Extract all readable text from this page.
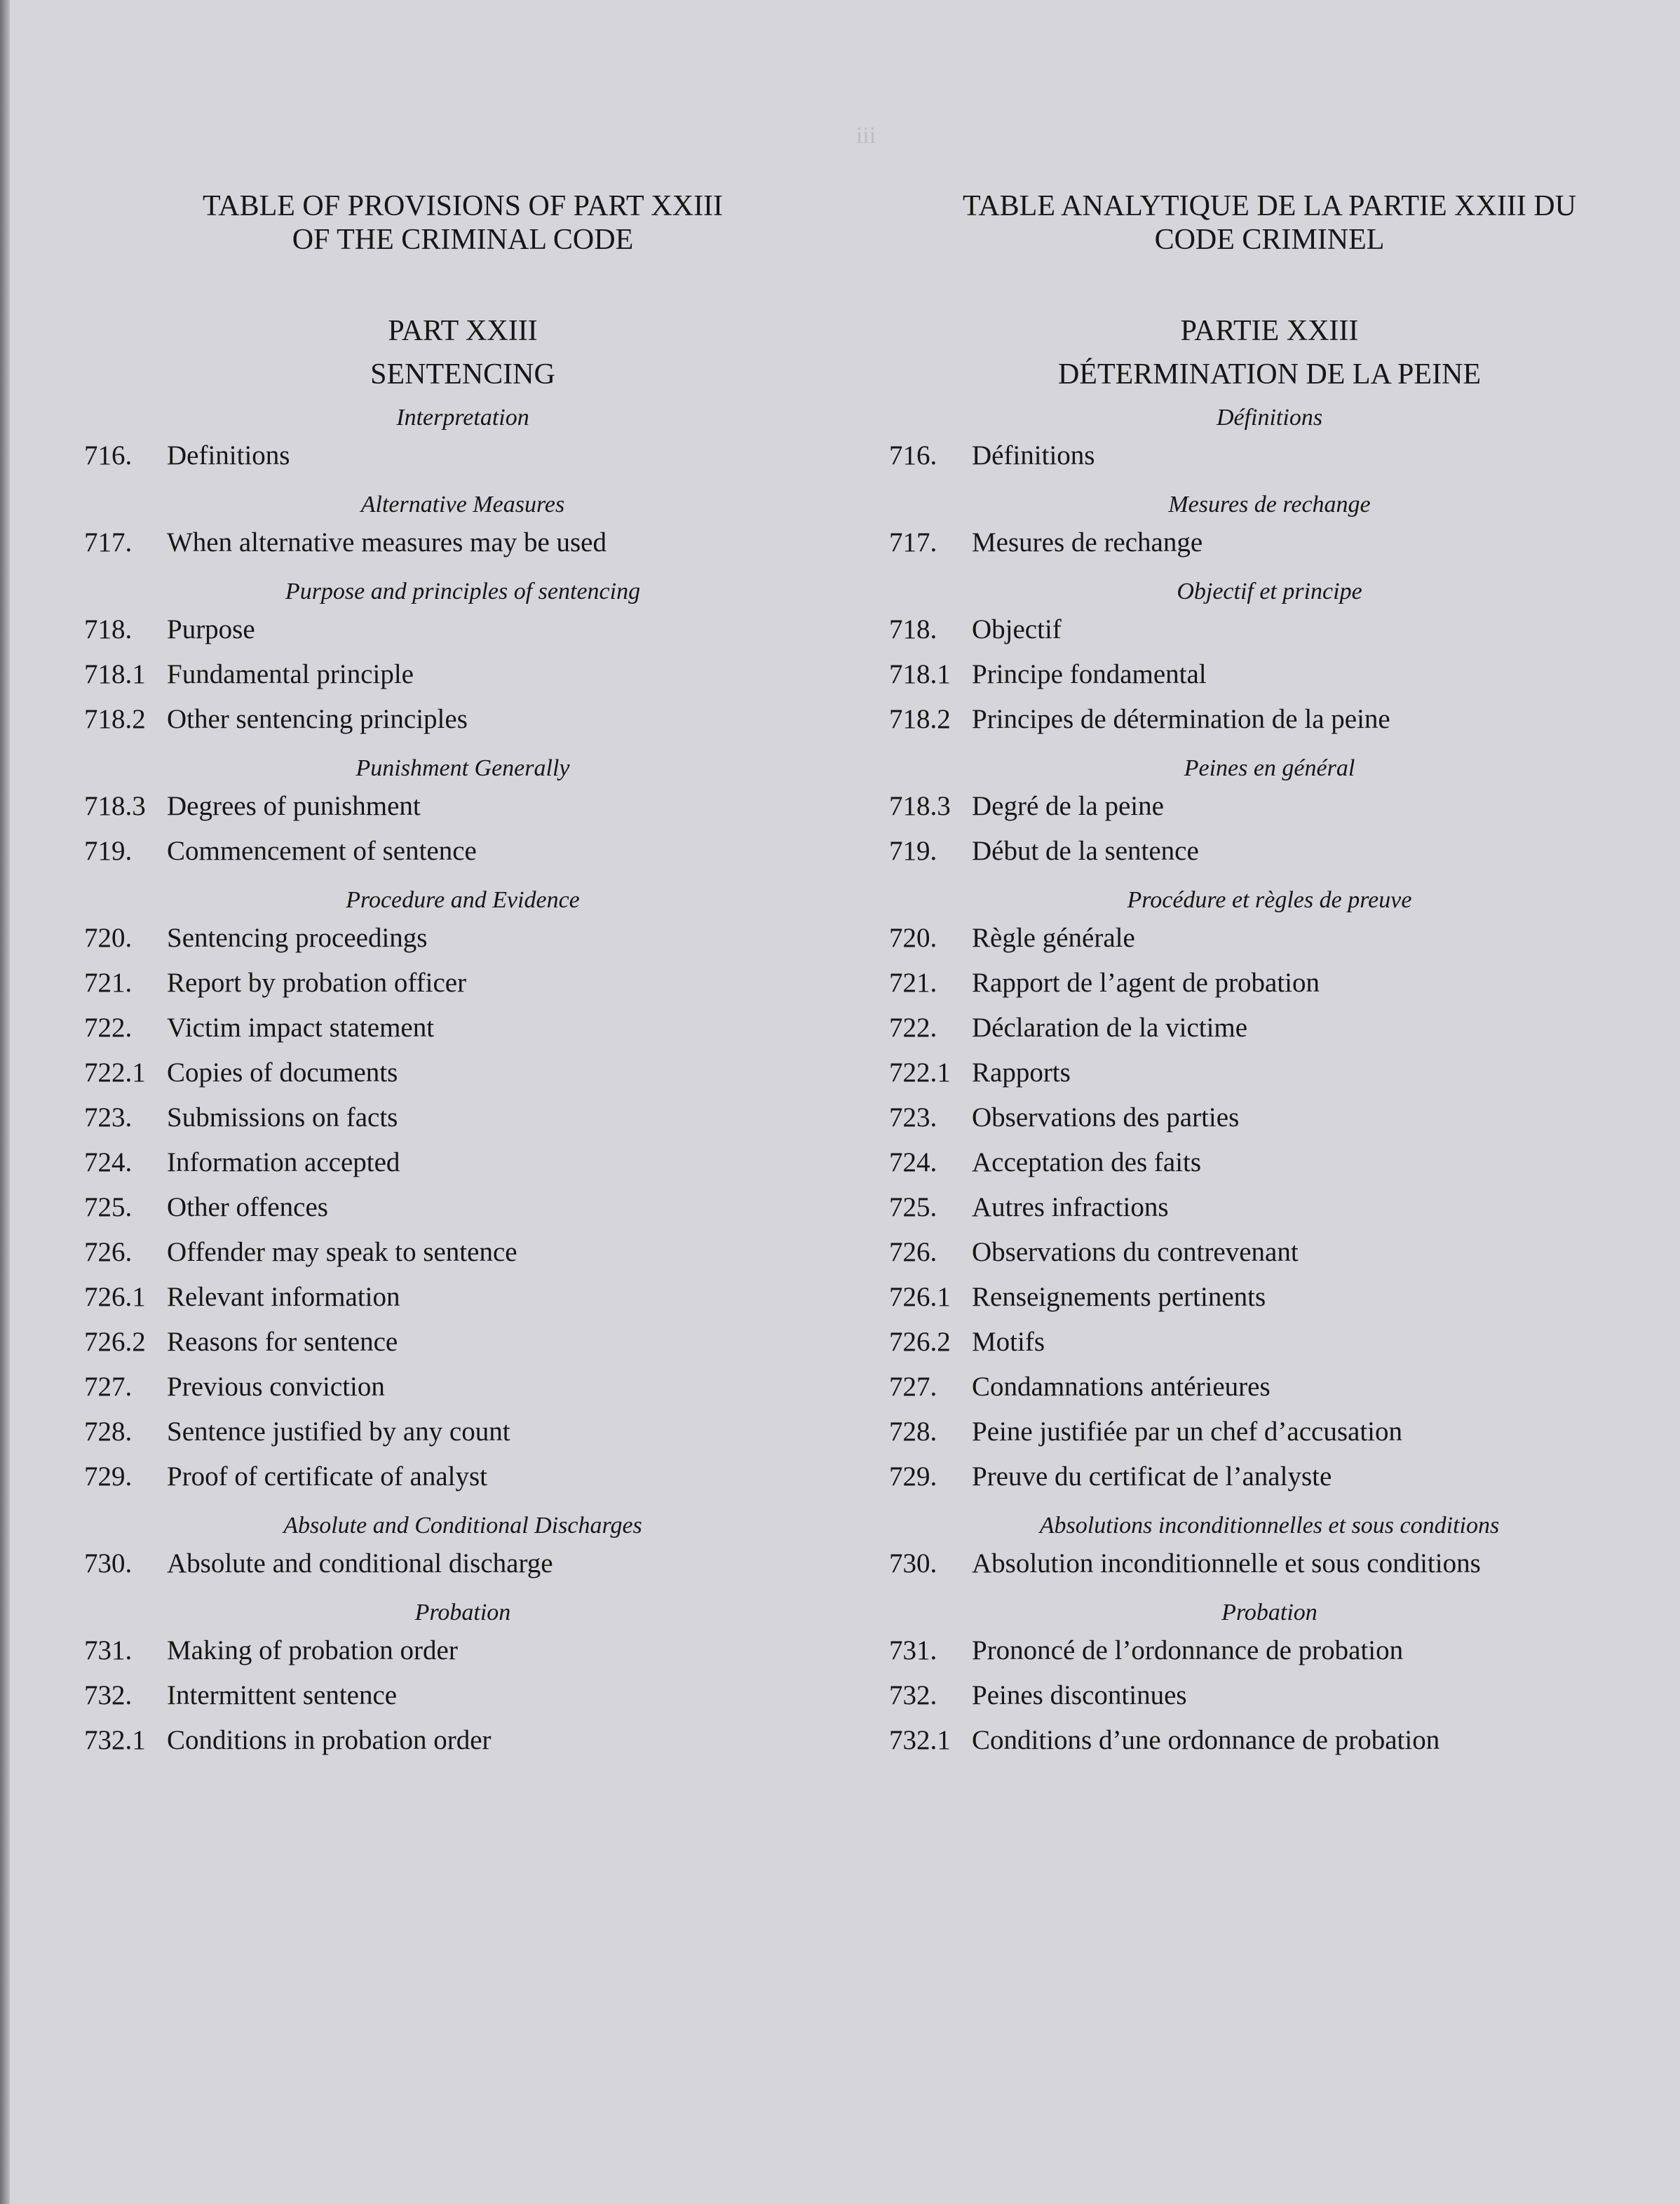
iii
TABLE OF PROVISIONS OF PART XXIII
OF THE CRIMINAL CODE
PART XXIII
SENTENCING
Interpretation
716.	Definitions
Alternative Measures
717.	When alternative measures may be used
Purpose and principles of sentencing
718.	Purpose
718.1 Fundamental principle
718.2 Other sentencing principles
Punishment Generally
718.3 Degrees of punishment
719.	Commencement of sentence
Procedure and Evidence
720.	Sentencing proceedings
721.	Report by probation officer
722.	Victim impact statement
722.1 Copies of documents
723.	Submissions on facts
724.	Information accepted
725.	Other offences
726.	Offender may speak to sentence
726.1 Relevant information
726.2 Reasons for sentence
727.	Previous conviction
728.	Sentence justified by any count
729.	Proof of certificate of analyst
Absolute and Conditional Discharges
730.	Absolute and conditional discharge
Probation
731.	Making of probation order
732.	Intermittent sentence
732.1 Conditions in probation order
TABLE ANALYTIQUE DE LA PARTIE XXIII DU
CODE CRIMINEL
PARTIE XXIII
DÉTERMINATION DE LA PEINE
Définitions
716.	Définitions
Mesures de rechange
717.	Mesures de rechange
Objectif et principe
718.	Objectif
718.1 Principe fondamental
718.2 Principes de détermination de la peine
Peines en général
718.3 Degré de la peine
719.	Début de la sentence
Procédure et règles de preuve
720.	Règle générale
721.	Rapport de l’agent de probation
722.	Déclaration de la victime
722.1 Rapports
723.	Observations des parties
724.	Acceptation des faits
725.	Autres infractions
726.	Observations du contrevenant
726.1 Renseignements pertinents
726.2 Motifs
727.	Condamnations antérieures
728.	Peine justifiée par un chef d’accusation
729.	Preuve du certificat de l’analyste
Absolutions inconditionnelles et sous conditions
730.	Absolution inconditionnelle et sous conditions
Probation
731.	Prononcé de l’ordonnance de probation
732.	Peines discontinues
732.1 Conditions d’une ordonnance de probation
